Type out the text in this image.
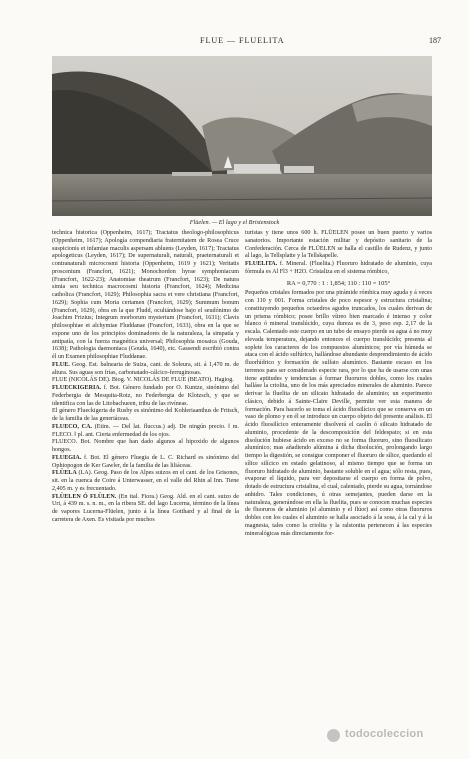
FLUE — FLUELITA	187
Flüelen. — El lago y el Bristenstock

technica historica (Oppenheim, 1617); Tractatus theologo-philosophicus (Oppenheim, 1617); Apología compendiaria fraternitatem de Rosea Cruce suspicionis et infamiae maculis aspersam abluens (Leyden, 1617); Tractatus apologeticus (Leyden, 1617); De supernaturali, naturali, praeternaturali et contranaturali microcosmi historia (Oppenheim, 1619 y 1621); Veritatis proscenium (Francfort, 1621); Monochordon hyrae symphoniacum (Francfort, 1622-23); Anatomiae theatrum (Francfort, 1623); De natura simia seu technica macrocosmi historia (Francfort, 1624); Medicina catholica (Francfort, 1629); Philosophia sacra et vere christiana (Francfort, 1629); Sophia cum Moria certamen (Francfort, 1629); Summum bonum (Francfort, 1629), obra en la que Fludd, ocultándose bajo el seudónimo de Joachim Frizius; Integrum morborum mysterium (Francfort, 1631); Clavis philosophiae et alchymiae Fluddanae (Francfort, 1633), obra en la que se expone uno de los principios dominadores de la naturaleza, la simpatía y antipatía, con la fuerza magnética universal; Philosophia mosaica (Gouda, 1638); Pathologia daemoniaca (Gouda, 1640), etc. Gassendi escribió contra él un Examen philosophiae Fluddanae.

FLUE. Geog. Est. balnearia de Suiza, cant. de Soleura, sit. á 1,470 m. de altura. Sus aguas son frías, carbonatado-cálcico-ferruginosas.

FLUE (NICOLÁS DE). Biog. V. NICOLÁS DE FLUE (BEATO). Hagiog.

FLUECKIGERIA. f. Bot. Género fundado por O. Kuntze, sinónimo del Federbergia de Mesquita-Rotz, no Federbergia de Klotzsch, y que se identifica con las de Litobachueen, tribu de las rivíneas.

El género Flueckigeria de Rusby es sinónimo del Kohleriaanthus de Fritsch, de la familia de las generiáceas.

FLUECO, CA. (Etim. — Del lat. fluccus.) adj. De ningún precio. ‖ m. FLECO. ‖ pl. ant. Cierta enfermedad de los ojos.

FLUECO. Bot. Nombre que han dado algunos al hipoxido de algunos hongos.

FLUEGIA. f. Bot. El género Fluegia de L. C. Richard es sinónimo del Ophiopogon de Ker Gawler, de la familia de las liliáceas.

FLÜELA (LA). Geog. Paso de los Alpes suizos en el cant. de los Grisones, sit. en la cuenca de Coire á Unterwasser, en el valle del Rhin al Inn. Tiene 2,405 m. y es frecuentado.

FLÜELEN Ó FLÜLEN. (En ital. Fiora.) Geog. Ald. en el cant. suizo de Uri, á 439 m. s. n. m., en la ribera SE. del lago Lucerna, término de la línea de vapores Lucerna-Flüelen, junto á la línea Gotthard y al final de la carretera de Axen. Es visitada por muchos

turistas y tiene unos 600 h. FLÜELEN posee un buen puerto y varios sanatorios. Importante estación militar y depósito sanitario de la Confederación. Cerca de FLÜELEN se halla el castillo de Rudenz, y junto al lago, la Tellsplatte y la Tellskapelle.

FLUELITA. f. Mineral. (Fluelita.) Fluoruro hidratado de aluminio, cuya fórmula es Al Fl3 + H2O. Cristaliza en el sistema rómbico,

RA = 0,770 : 1 : 1,854; 110 : 110 = 105°

Pequeños cristales formados por una pirámide rómbica muy aguda y á veces con 110 y 001. Forma cristales de poco espesor y estructura cristalina; constituyendo pequeños octaedros agudos truncados, los cuales derivan de un prisma rómbico; posee brillo vítreo bien marcado é intenso y color blanco ó mineral translúcido, cuya dureza es de 3, peso esp. 2,17 de la escala. Calentado este cuerpo en un tubo de ensayo pierde su agua á no muy elevada temperatura, dejando entonces el cuerpo translúcido; presenta al soplete los caracteres de los compuestos alumínicos; por vía húmeda se ataca con el ácido sulfúrico, hallándose abundante desprendimiento de ácido fluorhídrico y formación de sulfato alumínico. Bastante escaso en los terrenos para ser considerado especie rara, por lo que ha de usarse con unas tiene aptitudes y tendencias á formar fluoruros dobles, como los cuales halláse la criolita, uno de los más apreciados minerales de aluminio. Parece derivar la fluelita de un silicato hidratado de aluminio; un experimento clásico, debido á Sainte-Claire Deville, permite ver esta manera de formación. Para hacerlo se toma el ácido fluosilícico que se conserva en un vaso de plomo y en él se introduce un cuerpo objeto del presente análisis. El ácido fluosilícico enteramente disolverá el caolín ó silicato hidratado de aluminio, procedente de la descomposición del feldespato; si en esta disolución hubiese ácido en exceso no se forma fluoruro, sino fluosilicato alumínico; mas añadiendo alúmina á dicha disolución, prolongando largo tiempo la digestión, se consigue componer el fluoruro de sílice, quedando el sílice silícico en estado gelatinoso, al mismo tiempo que se forma un fluoruro hidratado de aluminio, bastante soluble en el agua; sólo resta, pues, evaporar el líquido, para ver depositarse el cuerpo en forma de polvo, dotado de estructura cristalina, el cual, calentado, pierde su agua, tornándose anhidro. Tales condiciones, ú otras semejantes, pueden darse en la naturaleza, generándose en ella la fluelita, pues se conocen muchas especies de fluoruros de aluminio (el aluminio y el flúor) así como otras fluoruros dobles con los cuales el aluminio se halla asociado á la sosa, á la cal y á la magnesia, tales como la criolita y la ralstonita pertenecen á las especies mineralógicas más directamente for-

todocoleccion
